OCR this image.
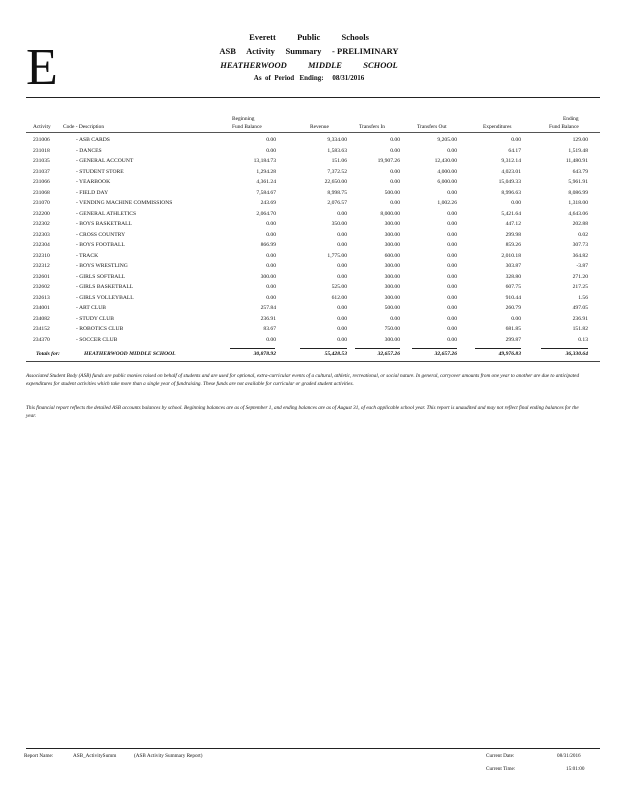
E
Everett          Public          Schools
ASB     Activity     Summary     - PRELIMINARY
HEATHERWOOD          MIDDLE          SCHOOL
As  of  Period   Ending:     08/31/2016
Activity Code - Description
Beginning
Fund Balance	Revenue	Transfers In	Transfers Out	Expenditures
Ending
Fund Balance
231006	- ASB CARDS	0.00	9,334.00	0.00	9,205.00	0.00	129.00
231018	- DANCES	0.00	1,583.63	0.00	0.00	64.17	1,519.48
231035	- GENERAL ACCOUNT	13,184.73	151.06	19,907.26	12,430.00	9,312.14	11,480.91
231037	- STUDENT STORE	1,294.28	7,372.52	0.00	4,000.00	4,023.01	643.79
231066	- YEARBOOK	4,361.24	22,650.00	0.00	6,000.00	15,049.33	5,961.91
231068	- FIELD DAY	7,584.67	8,998.75	500.00	0.00	8,996.63	8,086.99
231070	- VENDING MACHINE COMMISSIONS	243.69	2,076.57	0.00	1,002.26	0.00	1,318.00
232200	- GENERAL ATHLETICS	2,064.70	0.00	8,000.00	0.00	5,421.64	4,643.06
232302	- BOYS BASKETBALL	0.00	350.00	300.00	0.00	447.12	202.88
232303	- CROSS COUNTRY	0.00	0.00	300.00	0.00	299.98	0.02
232304	- BOYS FOOTBALL	866.99	0.00	300.00	0.00	859.26	307.73
232310	- TRACK	0.00	1,775.00	600.00	0.00	2,010.18	364.82
232312	- BOYS WRESTLING	0.00	0.00	300.00	0.00	303.87	-3.87
232601	- GIRLS SOFTBALL	300.00	0.00	300.00	0.00	328.80	271.20
232602	- GIRLS BASKETBALL	0.00	525.00	300.00	0.00	607.75	217.25
232613	- GIRLS VOLLEYBALL	0.00	612.00	300.00	0.00	910.44	1.56
234001	- ART CLUB	257.84	0.00	500.00	0.00	260.79	497.05
234082	- STUDY CLUB	236.91	0.00	0.00	0.00	0.00	236.91
234152	- ROBOTICS CLUB	83.67	0.00	750.00	0.00	681.85	151.82
234370	- SOCCER CLUB	0.00	0.00	300.00	0.00	299.87	0.13
Totals for:	HEATHERWOOD MIDDLE SCHOOL	30,878.92	55,428.53	32,657.26	32,657.26	49,976.83	36,330.64
Associated Student Body (ASB) funds are public monies raised on behalf of students and are used for optional, extra-curricular events of a cultural, athletic, recreational, or social nature. In general, carryover amounts from one year to another are due to anticipated expenditures for student activities which take more than a single year of fundraising. These funds are not available for curricular or graded student activities.
This financial report reflects the detailed ASB accounts balances by school. Beginning balances are as of September 1, and ending balances are as of August 31, of each applicable school year. This report is unaudited and may not reflect final ending balances for the year.
Report Name:	ASB_ActivitySumm	(ASB Activity Summary Report)	Current Date:	08/31/2016
Current Time:	15:01:00
